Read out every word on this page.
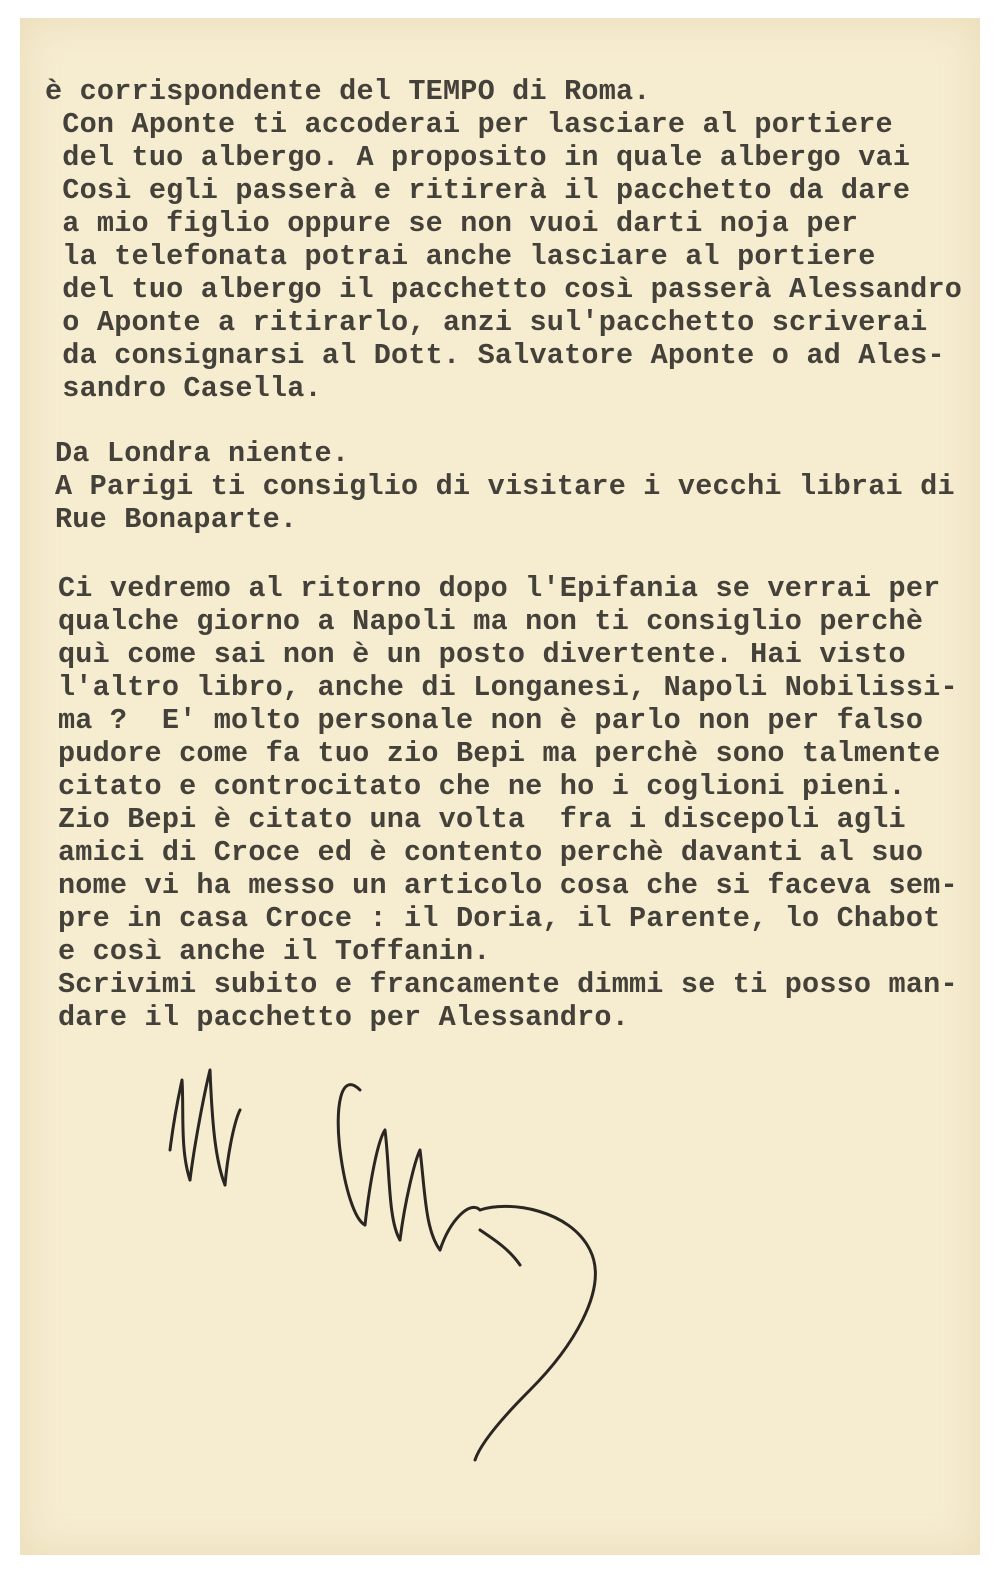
è corrispondente del TEMPO di Roma.
Con Aponte ti accoderai per lasciare al portiere
del tuo albergo. A proposito in quale albergo vai
Così egli passerà e ritirerà il pacchetto da dare
a mio figlio oppure se non vuoi darti noja per
la telefonata potrai anche lasciare al portiere
del tuo albergo il pacchetto così passerà Alessandro
o Aponte a ritirarlo, anzi sul'pacchetto scriverai
da consignarsi al Dott. Salvatore Aponte o ad Ales-
sandro Casella.
Da Londra niente.
A Parigi ti consiglio di visitare i vecchi librai di
Rue Bonaparte.
Ci vedremo al ritorno dopo l'Epifania se verrai per
qualche giorno a Napoli ma non ti consiglio perchè
quì come sai non è un posto divertente. Hai visto
l'altro libro, anche di Longanesi, Napoli Nobilissi-
ma ?  E' molto personale non è parlo non per falso
pudore come fa tuo zio Bepi ma perchè sono talmente
citato e controcitato che ne ho i coglioni pieni.
Zio Bepi è citato una volta  fra i discepoli agli
amici di Croce ed è contento perchè davanti al suo
nome vi ha messo un articolo cosa che si faceva sem-
pre in casa Croce : il Doria, il Parente, lo Chabot
e così anche il Toffanin.
Scrivimi subito e francamente dimmi se ti posso man-
dare il pacchetto per Alessandro.
